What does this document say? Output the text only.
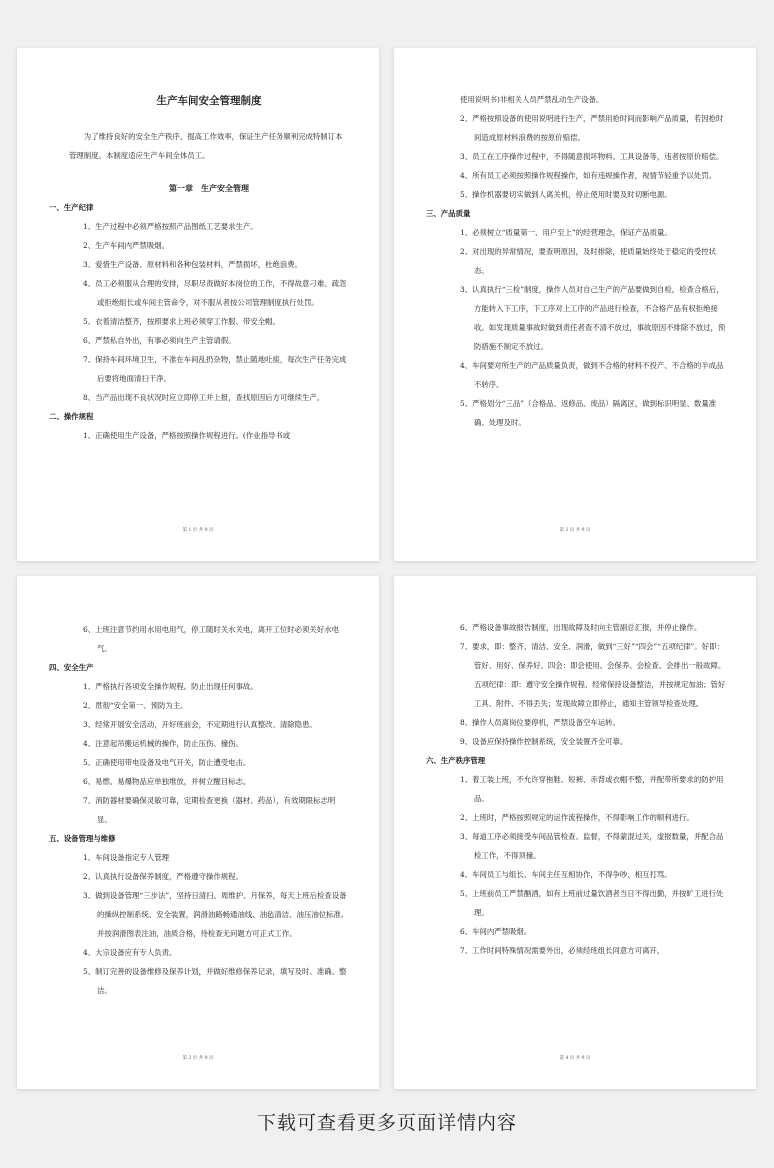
生产车间安全管理制度
为了维持良好的安全生产秩序，提高工作效率，保证生产任务顺利完成特制订本管理制度。本制度适应生产车间全体员工。
第一章　生产安全管理
一、生产纪律
1、生产过程中必须严格按照产品图纸工艺要求生产。
2、生产车间内严禁吸烟。
3、爱惜生产设备、原材料和各种包装材料，严禁损坏，杜绝浪费。
4、员工必须服从合理的安排，尽职尽责做好本岗位的工作，不得故意刁难、疏忽或拒绝组长或车间主管命令，对不服从者按公司管理制度执行处罚。
5、衣着清洁整齐，按照要求上班必须穿工作服、带安全帽。
6、严禁私自外出，有事必须向生产主管请假。
7、保持车间环境卫生，不准在车间乱扔杂物，禁止随地吐痰，每次生产任务完成后要将地面清扫干净。
8、当产品出现不良状况时应立即停工并上报，查找原因后方可继续生产。
二、操作规程
1、正确使用生产设备，严格按照操作规程进行。(作业指导书或
第 1 页 共 9 页
使用说明书)非相关人员严禁乱动生产设备。
2、严格按照设备的使用说明进行生产，严禁用抢时间而影响产品质量，若因抢时间造成原材料浪费的按原价赔偿。
3、员工在工序操作过程中，不得随意损坏物料、工具设备等，违者按原价赔偿。
4、所有员工必须按照操作规程操作，如有违规操作者，视情节轻重予以处罚。
5、操作机器要切实做到人离关机，停止使用时要及时切断电源。
三、产品质量
1、必须树立“质量第一、用户至上”的经营理念，保证产品质量。
2、对出现的异常情况，要查明原因，及时排除，使质量始终处于稳定的受控状态。
3、认真执行“三检”制度，操作人员对自己生产的产品要做到自检，检查合格后，方能转入下工序，下工序对上工序的产品进行检查，不合格产品有权拒绝接收。如发现质量事故时做到责任者查不清不放过，事故原因不排除不放过，预防措施不制定不放过。
4、车间要对所生产的产品质量负责，做到不合格的材料不投产、不合格的半成品不转序。
5、严格划分“三品”（合格品、返修品、废品）隔离区，做到标识明显、数量准确、处理及时。
第 2 页 共 9 页
6、上班注意节约用水用电用气，停工随时关水关电，离开工位时必须关好水电气。
四、安全生产
1、严格执行各项安全操作规程。防止出现任何事故。
2、贯彻“安全第一、预防为主。
3、经常开展安全活动，开好班前会，不定期进行认真整改、清除隐患。
4、注意起吊搬运机械的操作，防止压伤、撞伤。
5、正确使用带电设备及电气开关，防止遭受电击。
6、易燃、易爆物品应单独堆放，并树立醒目标志。
7、消防器材要确保灵敏可靠，定期检查更换（器材、药品），有效期限标志明显。
五、设备管理与维修
1、车间设备指定专人管理
2、认真执行设备保养制度，严格遵守操作规程。
3、做到设备管理“三步法”，坚持日清扫、周维护、月保养，每天上班后检查设备的操纵控制系统、安全装置，润滑油路畅通油线、油毡清洁、油压油位标准、并按润滑图表注油，油质合格，待检查无问题方可正式工作。
4、大宗设备应有专人负责。
5、制订完善的设备维修及保养计划，并做好维修保养记录，填写及时、准确、整洁。
第 3 页 共 9 页
6、严格设备事故报告制度，出现故障及时向主管副总汇报，并停止操作。
7、要求，即：整齐、清洁、安全、润滑，做到“三好”“四会”“五项纪律”。好即：管好、用好、保养好。四会：即会使用、会保养、会检查、会排出一般故障。五项纪律：即：遵守安全操作规程、经常保持设备整洁，并按规定加油；管好工具、附件、不得丢失；发现故障立即停止，通知主管领导检查处理。
8、操作人员离岗位要停机，严禁设备空车运转。
9、设备应保持操作控制系统，安全装置齐全可靠。
六、生产秩序管理
1、着工装上班，不允许穿拖鞋、短裤、赤背或衣帽不整，并配带所要求的防护用品。
2、上班时，严格按照规定的运作流程操作，不得影响工作的顺利进行。
3、每道工序必须接受车间品管检查、监督，不得蒙混过关，虚报数量，并配合品检工作，不得顶撞。
4、车间员工与组长、车间主任互相协作，不得争吵、相互打骂。
5、上班前员工严禁酗酒，如有上班前过量饮酒者当日不得出勤，并按旷工进行处理。
6、车间内严禁吸烟。
7、工作时间特殊情况需要外出，必须经班组长同意方可离开，
第 4 页 共 9 页
下载可查看更多页面详情内容
